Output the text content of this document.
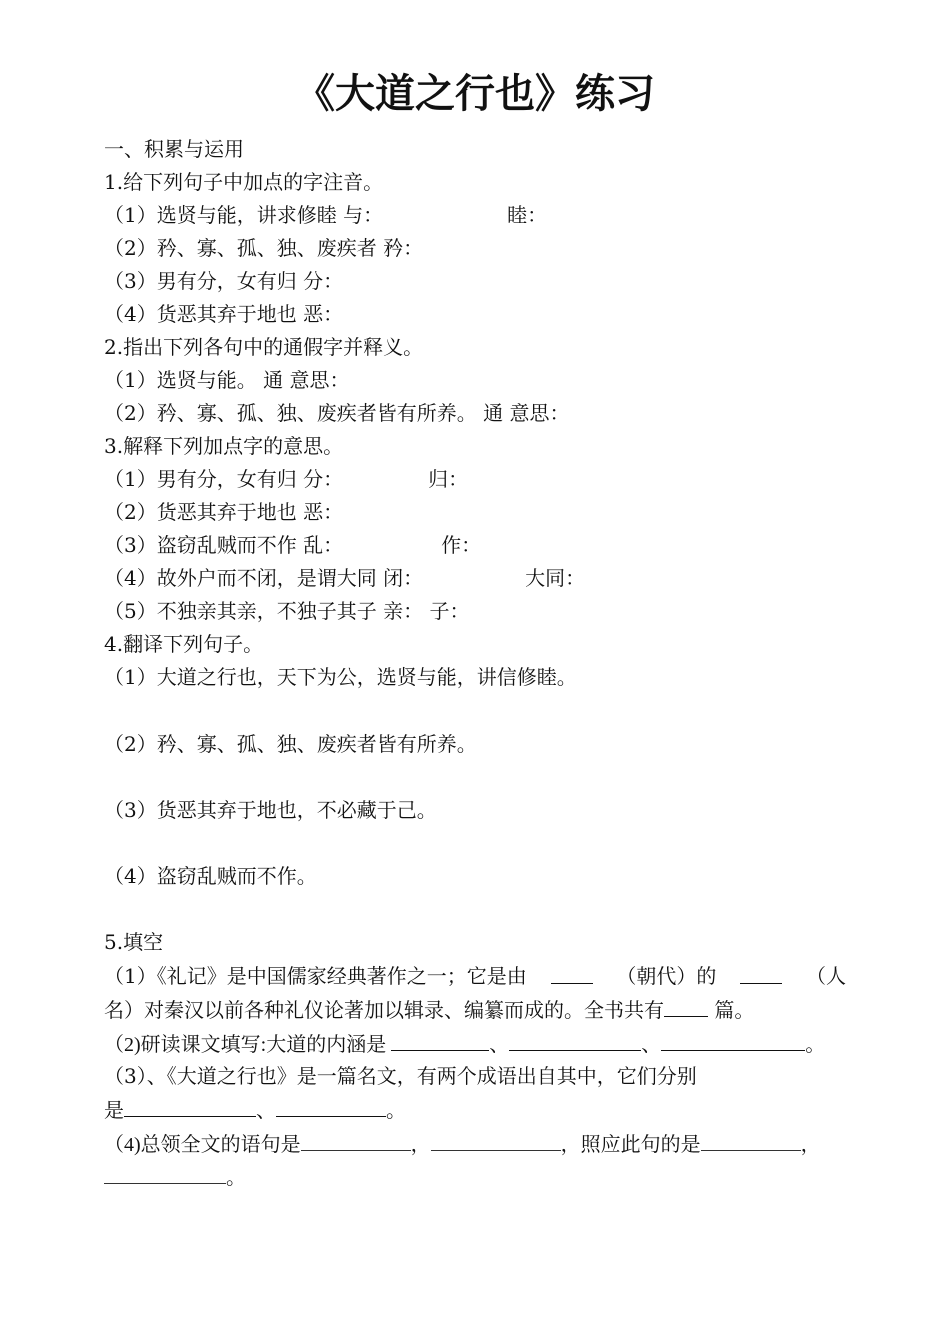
《大道之行也》练习
一、积累与运用
1.给下列句子中加点的字注音。
（1）选贤与能，讲求修睦 与：	睦：
（2）矜、寡、孤、独、废疾者 矜：
（3）男有分，女有归 分：
（4）货恶其弃于地也 恶：
2.指出下列各句中的通假字并释义。
（1）选贤与能。 通 意思：
（2）矜、寡、孤、独、废疾者皆有所养。 通 意思：
3.解释下列加点字的意思。
（1）男有分，女有归 分：	归：
（2）货恶其弃于地也 恶：
（3）盗窃乱贼而不作 乱：	作：
（4）故外户而不闭，是谓大同 闭：	大同：
（5）不独亲其亲，不独子其子 亲： 子：
4.翻译下列句子。
（1）大道之行也，天下为公，选贤与能，讲信修睦。
（2）矜、寡、孤、独、废疾者皆有所养。
（3）货恶其弃于地也，不必藏于己。
（4）盗窃乱贼而不作。
5.填空
（1）《礼记》是中国儒家经典著作之一；它是由	（朝代）的	（人
名）对秦汉以前各种礼仪论著加以辑录、编纂而成的。全书共有	篇。
（2)研读课文填写:大道的内涵是	、	、	。
（3）、《大道之行也》是一篇名文，有两个成语出自其中，它们分别
是	、	。
（4)总领全文的语句是	，	，照应此句的是	，
。
